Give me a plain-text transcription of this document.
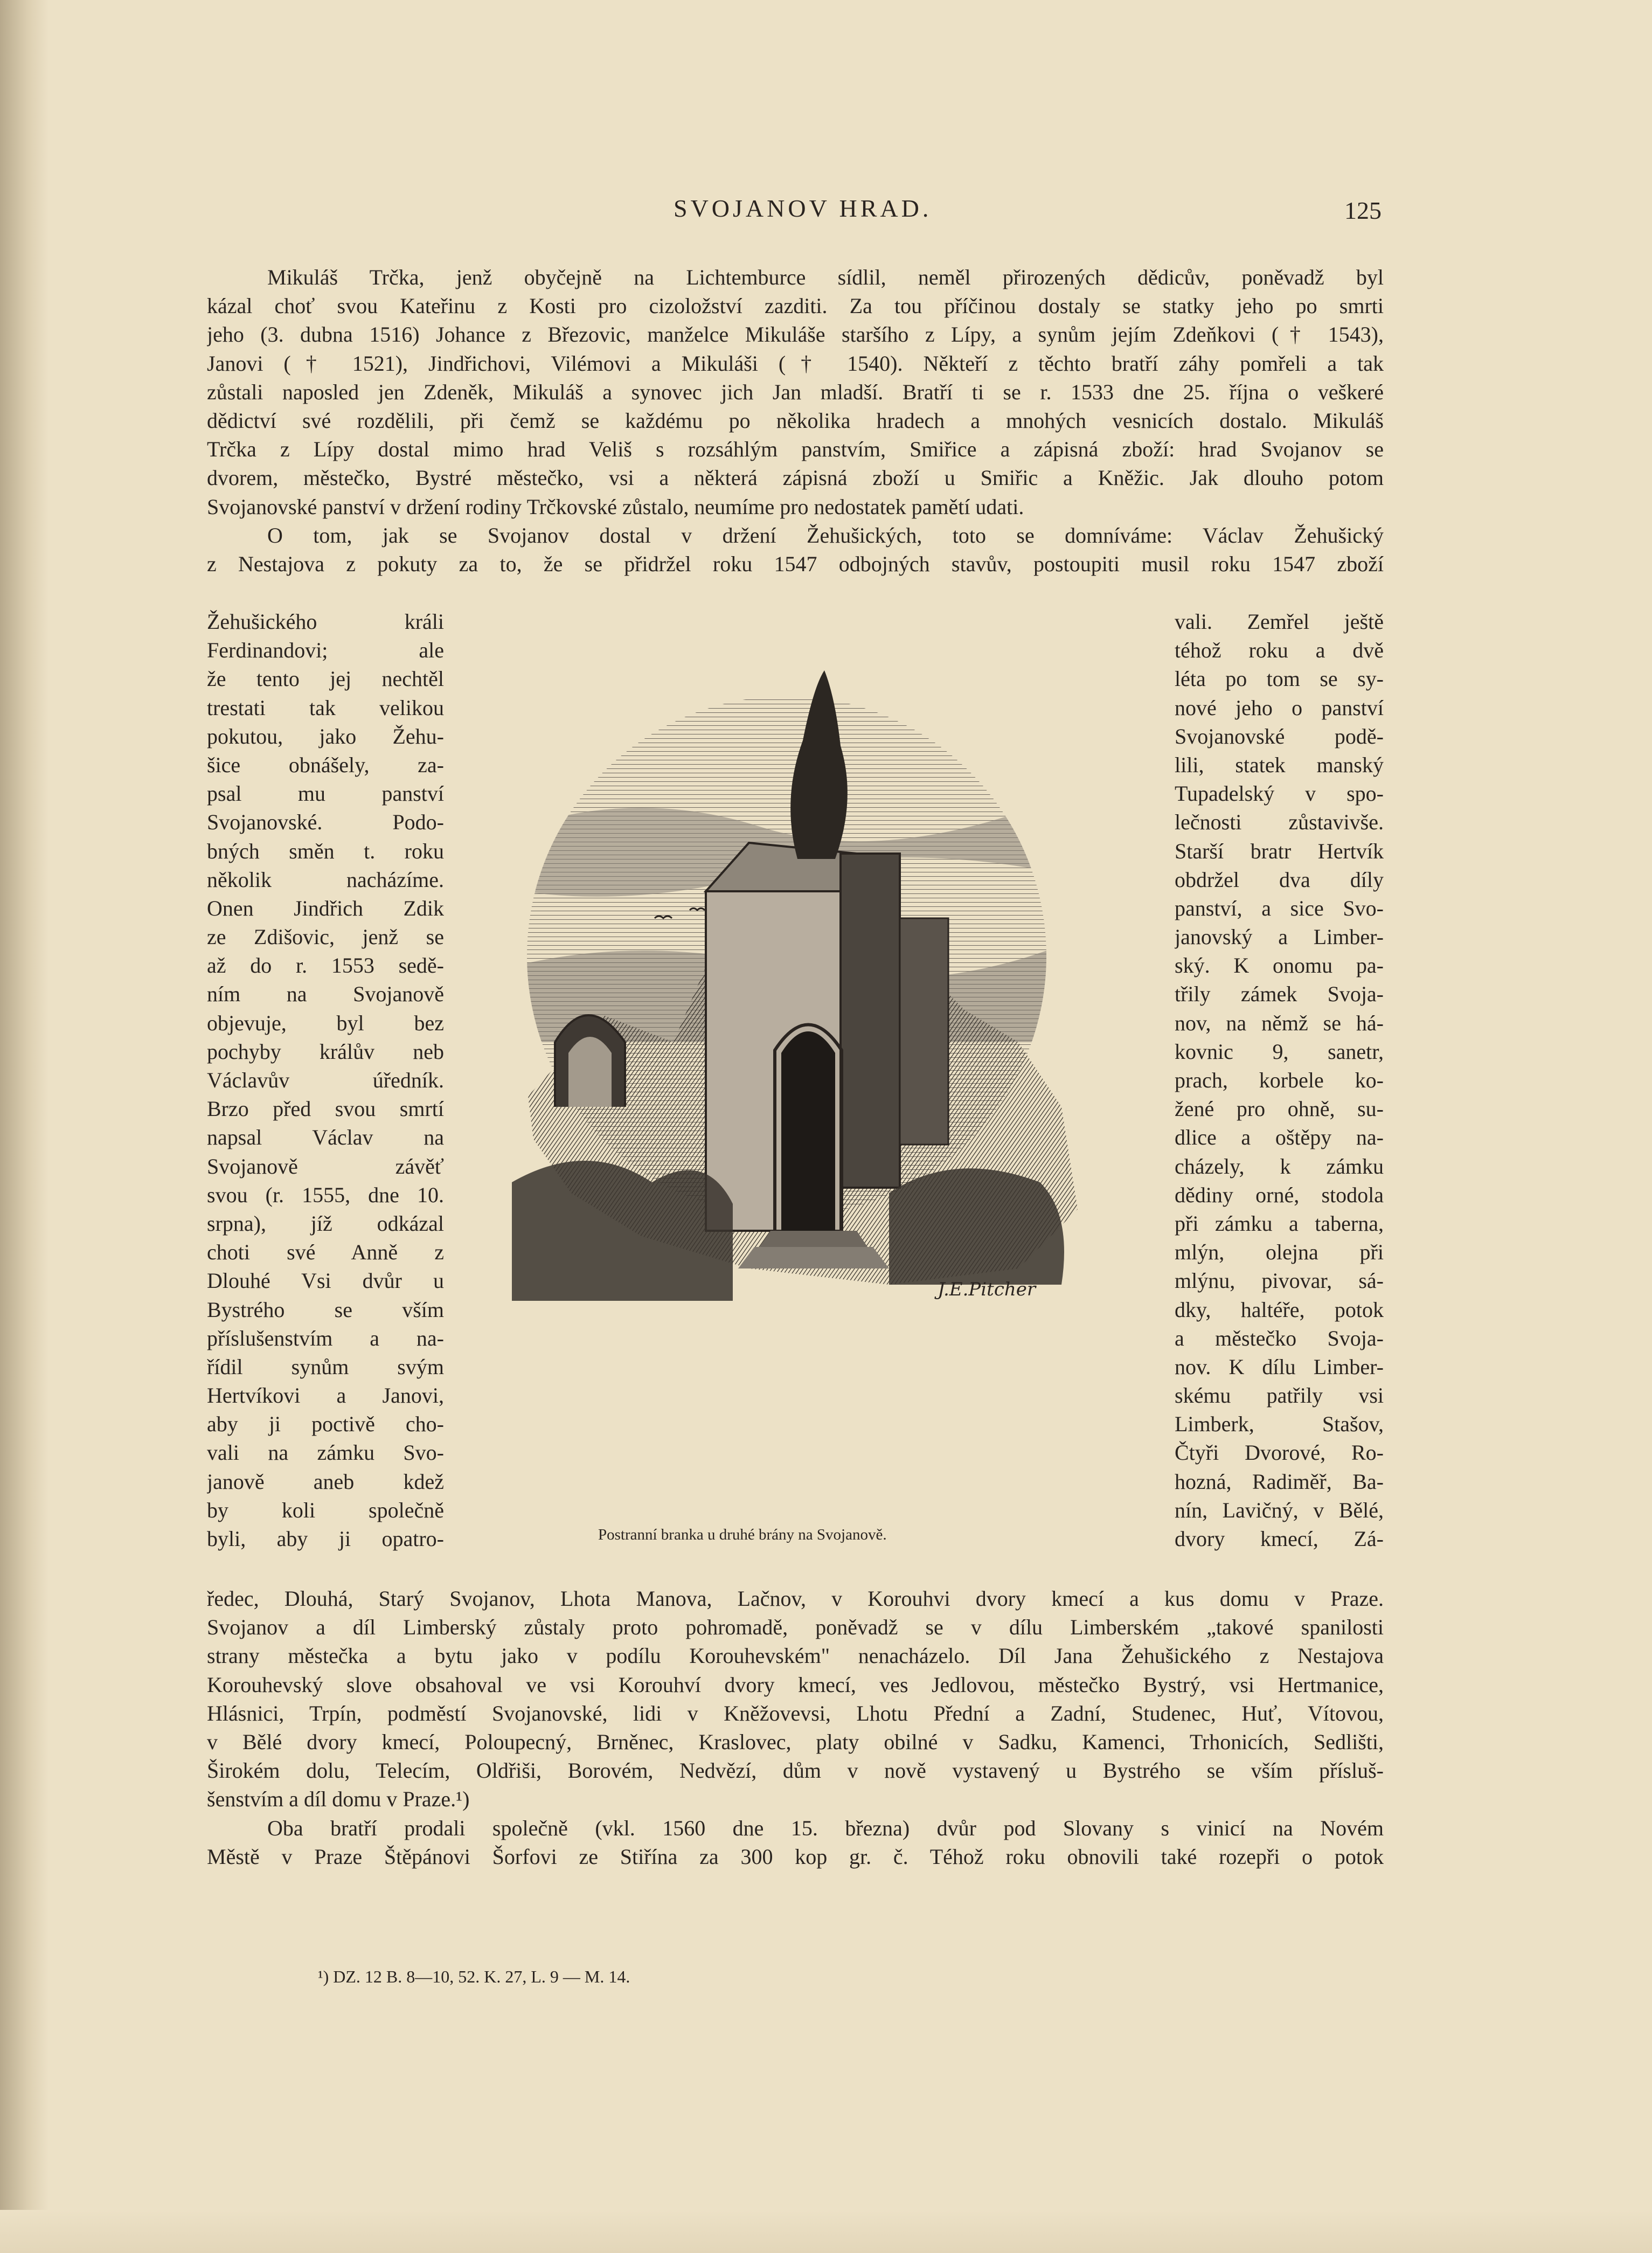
SVOJANOV HRAD.	125
Mikuláš Trčka, jenž obyčejně na Lichtemburce sídlil, neměl přirozených dědicův, poněvadž byl
kázal choť svou Kateřinu z Kosti pro cizoložství zazditi. Za tou příčinou dostaly se statky jeho po smrti
jeho (3. dubna 1516) Johance z Březovic, manželce Mikuláše staršího z Lípy, a synům jejím Zdeňkovi († 1543),
Janovi († 1521), Jindřichovi, Vilémovi a Mikuláši († 1540). Někteří z těchto bratří záhy pomřeli a tak
zůstali naposled jen Zdeněk, Mikuláš a synovec jich Jan mladší. Bratří ti se r. 1533 dne 25. října o veškeré
dědictví své rozdělili, při čemž se každému po několika hradech a mnohých vesnicích dostalo. Mikuláš
Trčka z Lípy dostal mimo hrad Veliš s rozsáhlým panstvím, Smiřice a zápisná zboží: hrad Svojanov se
dvorem, městečko, Bystré městečko, vsi a některá zápisná zboží u Smiřic a Kněžic. Jak dlouho potom
Svojanovské panství v držení rodiny Trčkovské zůstalo, neumíme pro nedostatek pamětí udati.
O tom, jak se Svojanov dostal v držení Žehušických, toto se domníváme: Václav Žehušický
z Nestajova z pokuty za to, že se přidržel roku 1547 odbojných stavův, postoupiti musil roku 1547 zboží
Žehušického králi
Ferdinandovi; ale
že tento jej nechtěl
trestati tak velikou
pokutou, jako Žehu-
šice obnášely, za-
psal mu panství
Svojanovské. Podo-
bných směn t. roku
několik nacházíme.
Onen Jindřich Zdik
ze Zdišovic, jenž se
až do r. 1553 sedě-
ním na Svojanově
objevuje, byl bez
pochyby králův neb
Václavův úředník.
Brzo před svou smrtí
napsal Václav na
Svojanově závěť
svou (r. 1555, dne 10.
srpna), jíž odkázal
choti své Anně z
Dlouhé Vsi dvůr u
Bystrého se vším
příslušenstvím a na-
řídil synům svým
Hertvíkovi a Janovi,
aby ji poctivě cho-
vali na zámku Svo-
janově aneb kdež
by koli společně
byli, aby ji opatro-
vali. Zemřel ještě
téhož roku a dvě
léta po tom se sy-
nové jeho o panství
Svojanovské podě-
lili, statek manský
Tupadelský v spo-
lečnosti zůstavivše.
Starší bratr Hertvík
obdržel dva díly
panství, a sice Svo-
janovský a Limber-
ský. K onomu pa-
třily zámek Svoja-
nov, na němž se há-
kovnic 9, sanetr,
prach, korbele ko-
žené pro ohně, su-
dlice a oštěpy na-
cházely, k zámku
dědiny orné, stodola
při zámku a taberna,
mlýn, olejna při
mlýnu, pivovar, sá-
dky, haltéře, potok
a městečko Svoja-
nov. K dílu Limber-
skému patřily vsi
Limberk, Stašov,
Čtyři Dvorové, Ro-
hozná, Radiměř, Ba-
nín, Lavičný, v Bělé,
dvory kmecí, Zá-
J.E.Pitcher
Postranní branka u druhé brány na Svojanově.
ředec, Dlouhá, Starý Svojanov, Lhota Manova, Lačnov, v Korouhvi dvory kmecí a kus domu v Praze.
Svojanov a díl Limberský zůstaly proto pohromadě, poněvadž se v dílu Limberském „takové spanilosti
strany městečka a bytu jako v podílu Korouhevském" nenacházelo. Díl Jana Žehušického z Nestajova
Korouhevský slove obsahoval ve vsi Korouhví dvory kmecí, ves Jedlovou, městečko Bystrý, vsi Hertmanice,
Hlásnici, Trpín, podměstí Svojanovské, lidi v Kněžovevsi, Lhotu Přední a Zadní, Studenec, Huť, Vítovou,
v Bělé dvory kmecí, Poloupecný, Brněnec, Kraslovec, platy obilné v Sadku, Kamenci, Trhonicích, Sedlišti,
Širokém dolu, Telecím, Oldřiši, Borovém, Nedvězí, dům v nově vystavený u Bystrého se vším přísluš-
šenstvím a díl domu v Praze.¹)
Oba bratří prodali společně (vkl. 1560 dne 15. března) dvůr pod Slovany s vinicí na Novém
Městě v Praze Štěpánovi Šorfovi ze Stiřína za 300 kop gr. č. Téhož roku obnovili také rozepři o potok
¹) DZ. 12 B. 8—10, 52. K. 27, L. 9 — M. 14.
